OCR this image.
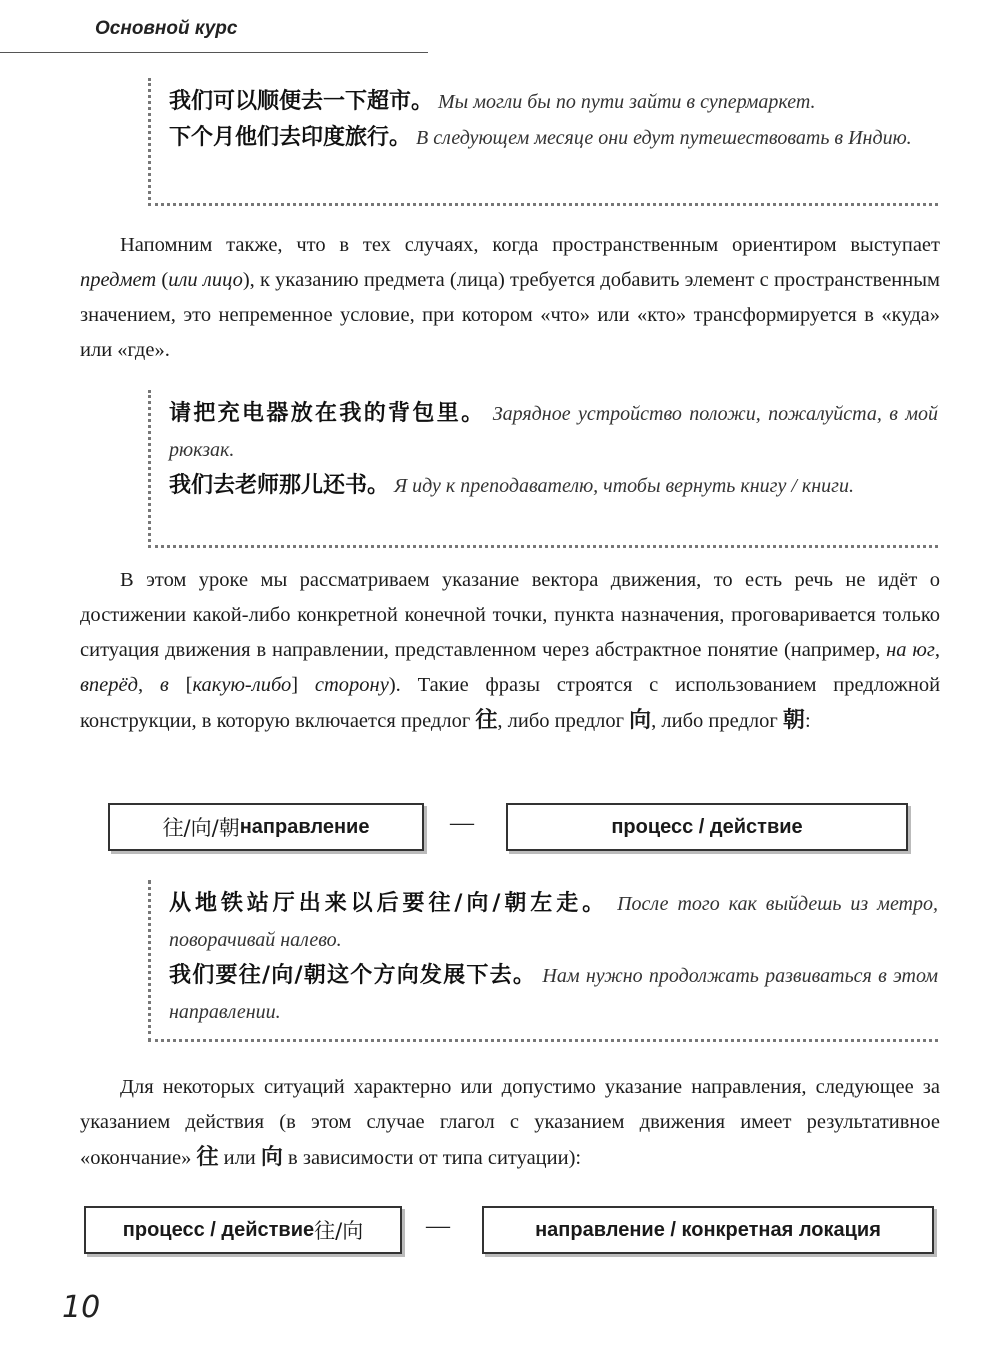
Основной курс

我们可以顺便去一下超市。 Мы могли бы по пути зайти в супермаркет.

下个月他们去印度旅行。 В следующем месяце они едут путешествовать в Индию.

Напомним также, что в тех случаях, когда пространственным ориентиром выступает предмет (или лицо), к указанию предмета (лица) требуется добавить элемент с пространственным значением, это непременное условие, при котором «что» или «кто» трансформируется в «куда» или «где».

请把充电器放在我的背包里。 Зарядное устройство положи, пожалуйста, в мой рюкзак.

我们去老师那儿还书。 Я иду к преподавателю, чтобы вернуть книгу / книги.

В этом уроке мы рассматриваем указание вектора движения, то есть речь не идёт о достижении какой-либо конкретной конечной точки, пункта назначения, проговаривается только ситуация движения в направлении, представленном через абстрактное понятие (например, на юг, вперёд, в [какую-либо] сторону). Такие фразы строятся с использованием предложной конструкции, в которую включается предлог 往, либо предлог 向, либо предлог 朝:

往/向/朝 направление	—	процесс / действие

从地铁站厅出来以后要往/向/朝左走。 После того как выйдешь из метро, поворачивай налево.

我们要往/向/朝这个方向发展下去。 Нам нужно продолжать развиваться в этом направлении.

Для некоторых ситуаций характерно или допустимо указание направления, следующее за указанием действия (в этом случае глагол с указанием движения имеет результативное «окончание» 往 или 向 в зависимости от типа ситуации):

процесс / действие 往/向	—	направление / конкретная локация
10
